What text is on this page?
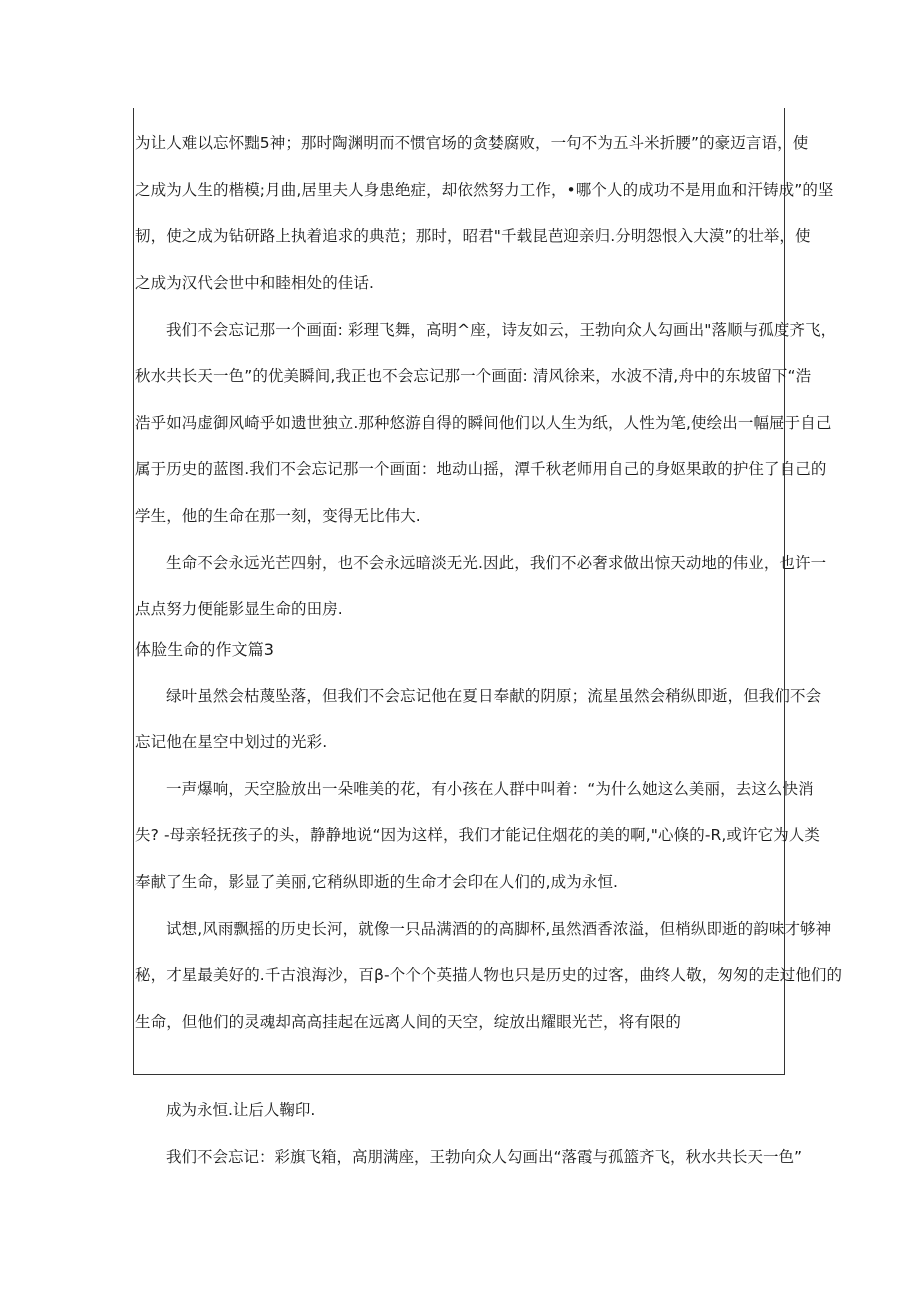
为让人难以忘怀黜5神；那时陶渊明而不惯官场的贪婪腐败，一句不为五斗米折腰”的豪迈言语，使
之成为人生的楷模;月曲,居里夫人身患绝症，却依然努力工作，•哪个人的成功不是用血和汗铸成”的坚
韧，使之成为钻研路上执着追求的典范；那时，昭君"千载昆芭迎亲归.分明怨恨入大漠”的壮举，使
之成为汉代会世中和睦相处的佳话.
我们不会忘记那一个画面: 彩理飞舞，高明^座，诗友如云，王勃向众人勾画出"落顺与孤度齐飞，
秋水共长天一色”的优美瞬间,我正也不会忘记那一个画面: 清风徐来，水波不清,舟中的东坡留下“浩
浩乎如冯虚御风崎乎如遗世独立.那种悠游自得的瞬间他们以人生为纸，人性为笔,使绘出一幅屉于自己
属于历史的蓝图.我们不会忘记那一个画面：地动山摇，潭千秋老师用自己的身妪果敢的护住了自己的
学生，他的生命在那一刻，变得无比伟大.
生命不会永远光芒四射，也不会永远暗淡无光.因此，我们不必奢求做出惊天动地的伟业，也许一
点点努力便能影显生命的田房.
体脸生命的作文篇3
绿叶虽然会枯蔑坠落，但我们不会忘记他在夏日奉献的阴原；流星虽然会稍纵即逝，但我们不会
忘记他在星空中划过的光彩.
一声爆响，天空脸放出一朵唯美的花，有小孩在人群中叫着：“为什么她这么美丽，去这么快消
失? -母亲轻抚孩子的头，静静地说“因为这样，我们才能记住烟花的美的啊,"心倏的-R,或许它为人类
奉献了生命，影显了美丽,它稍纵即逝的生命才会印在人们的,成为永恒.
试想,风雨飘摇的历史长河，就像一只品满酒的的高脚杯,虽然酒香浓溢，但梢纵即逝的韵味才够神
秘，才星最美好的.千古浪海沙，百β-个个个英描人物也只是历史的过客，曲终人敬，匆匆的走过他们的
生命，但他们的灵魂却高高挂起在远离人间的天空，绽放出耀眼光芒，将有限的
成为永恒.让后人鞠印.
我们不会忘记：彩旗飞箱，高朋满座，王勃向众人勾画出“落霞与孤篮齐飞，秋水共长天一色”
